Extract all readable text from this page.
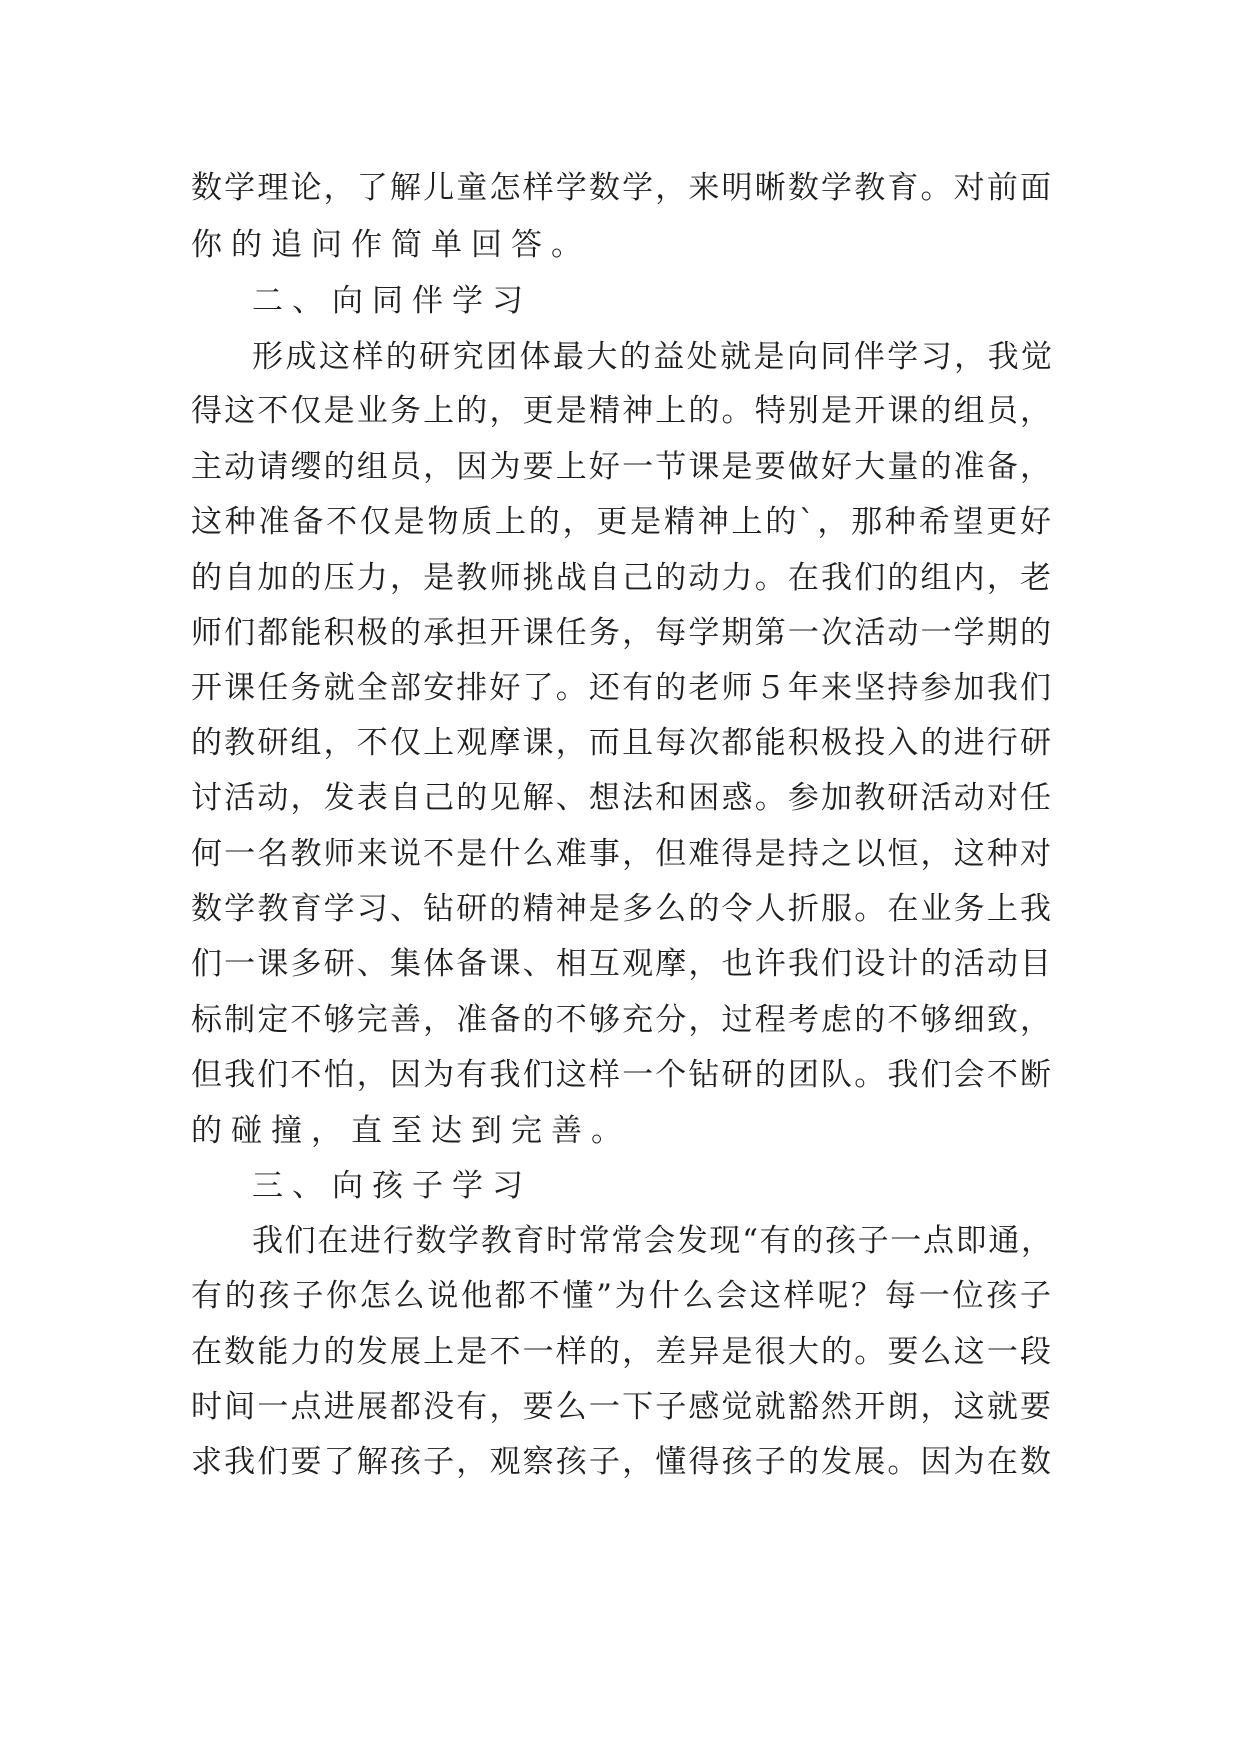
数学理论，了解儿童怎样学数学，来明晰数学教育。对前面
你的追问作简单回答。
二、向同伴学习
形成这样的研究团体最大的益处就是向同伴学习，我觉
得这不仅是业务上的，更是精神上的。特别是开课的组员，
主动请缨的组员，因为要上好一节课是要做好大量的准备，
这种准备不仅是物质上的，更是精神上的`，那种希望更好
的自加的压力，是教师挑战自己的动力。在我们的组内，老
师们都能积极的承担开课任务，每学期第一次活动一学期的
开课任务就全部安排好了。还有的老师５年来坚持参加我们
的教研组，不仅上观摩课，而且每次都能积极投入的进行研
讨活动，发表自己的见解、想法和困惑。参加教研活动对任
何一名教师来说不是什么难事，但难得是持之以恒，这种对
数学教育学习、钻研的精神是多么的令人折服。在业务上我
们一课多研、集体备课、相互观摩，也许我们设计的活动目
标制定不够完善，准备的不够充分，过程考虑的不够细致，
但我们不怕，因为有我们这样一个钻研的团队。我们会不断
的碰撞，直至达到完善。
三、向孩子学习
我们在进行数学教育时常常会发现“有的孩子一点即通，
有的孩子你怎么说他都不懂”为什么会这样呢？每一位孩子
在数能力的发展上是不一样的，差异是很大的。要么这一段
时间一点进展都没有，要么一下子感觉就豁然开朗，这就要
求我们要了解孩子，观察孩子，懂得孩子的发展。因为在数
